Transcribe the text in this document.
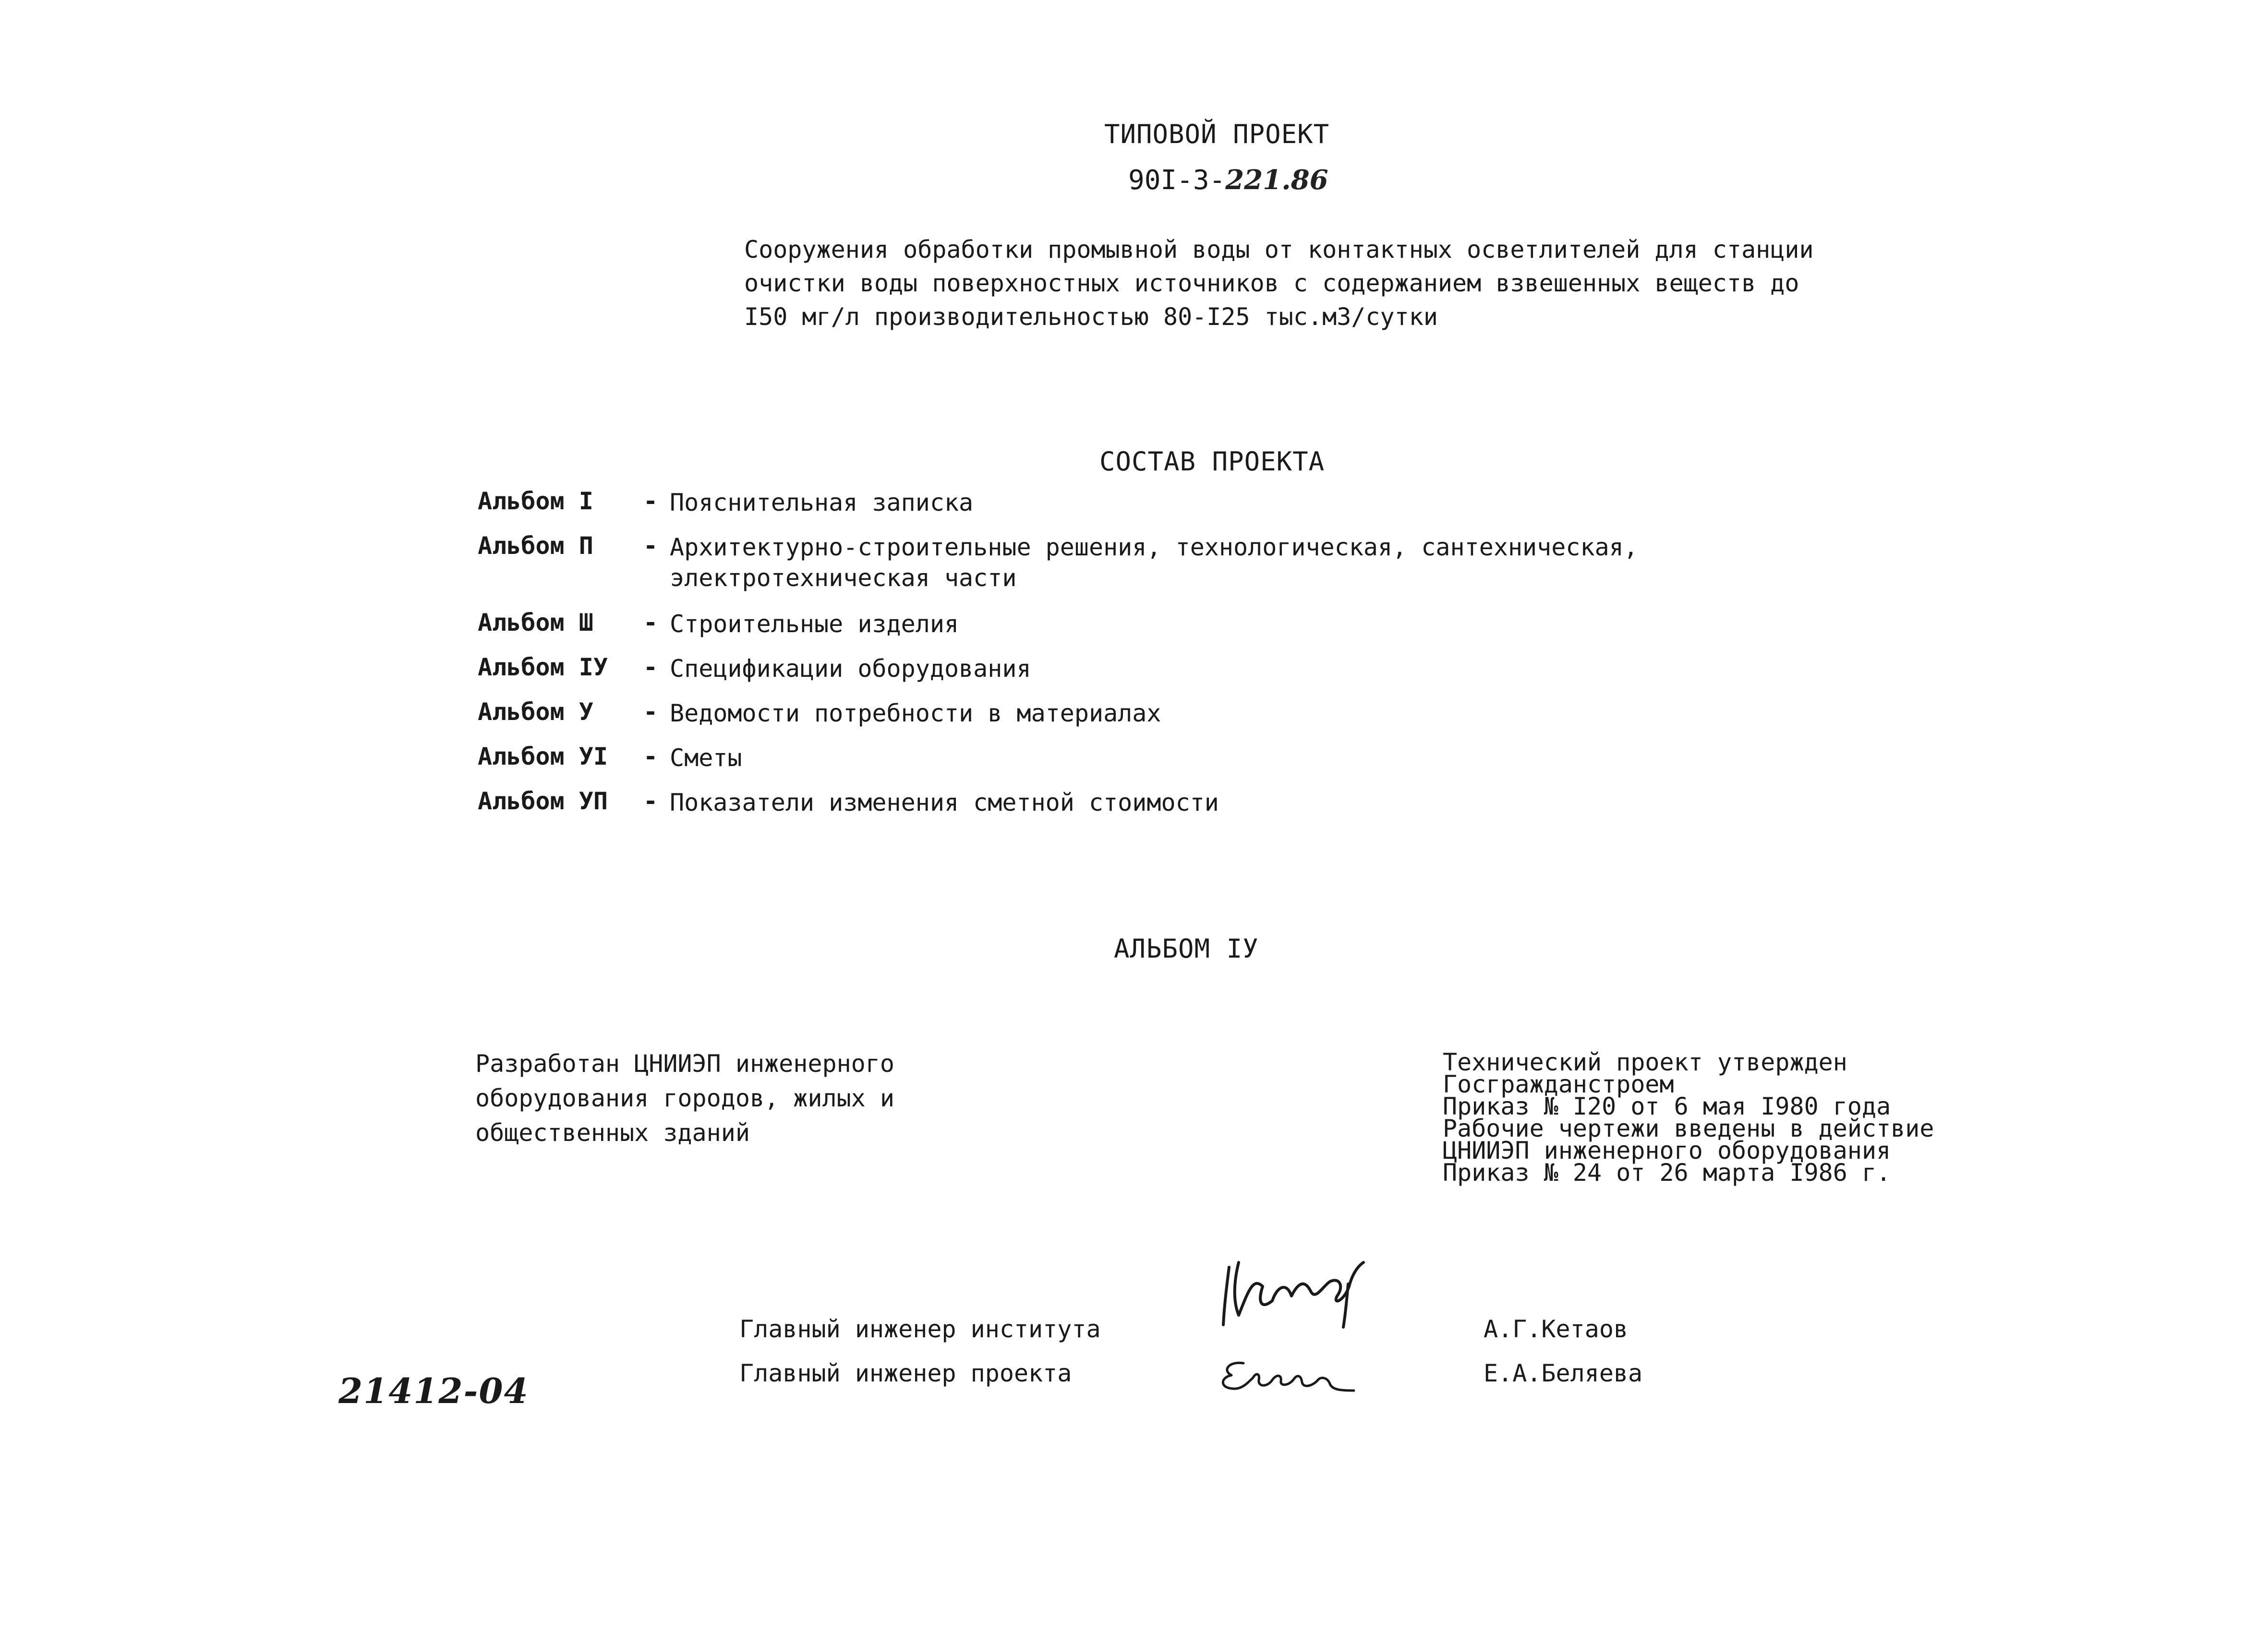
ТИПОВОЙ ПРОЕКТ
90I-3-221.86
Сооружения обработки промывной воды от контактных осветлителей для станции
очистки воды поверхностных источников с содержанием взвешенных веществ до
I50 мг/л производительностью 80-I25 тыс.м3/сутки
СОСТАВ ПРОЕКТА
Альбом I - Пояснительная записка
Альбом П - Архитектурно-строительные решения, технологическая, сантехническая,
электротехническая части
Альбом Ш - Строительные изделия
Альбом IУ - Спецификации оборудования
Альбом У - Ведомости потребности в материалах
Альбом УI - Сметы
Альбом УП - Показатели изменения сметной стоимости
АЛЬБОМ IУ
Разработан ЦНИИЭП инженерного
оборудования городов, жилых и
общественных зданий
Технический проект утвержден
Госгражданстроем
Приказ № I20 от 6 мая I980 года
Рабочие чертежи введены в действие
ЦНИИЭП инженерного оборудования
Приказ № 24 от 26 марта I986 г.
Главный инженер института	А.Г.Кетаов
Главный инженер проекта	Е.А.Беляева
21412-04
